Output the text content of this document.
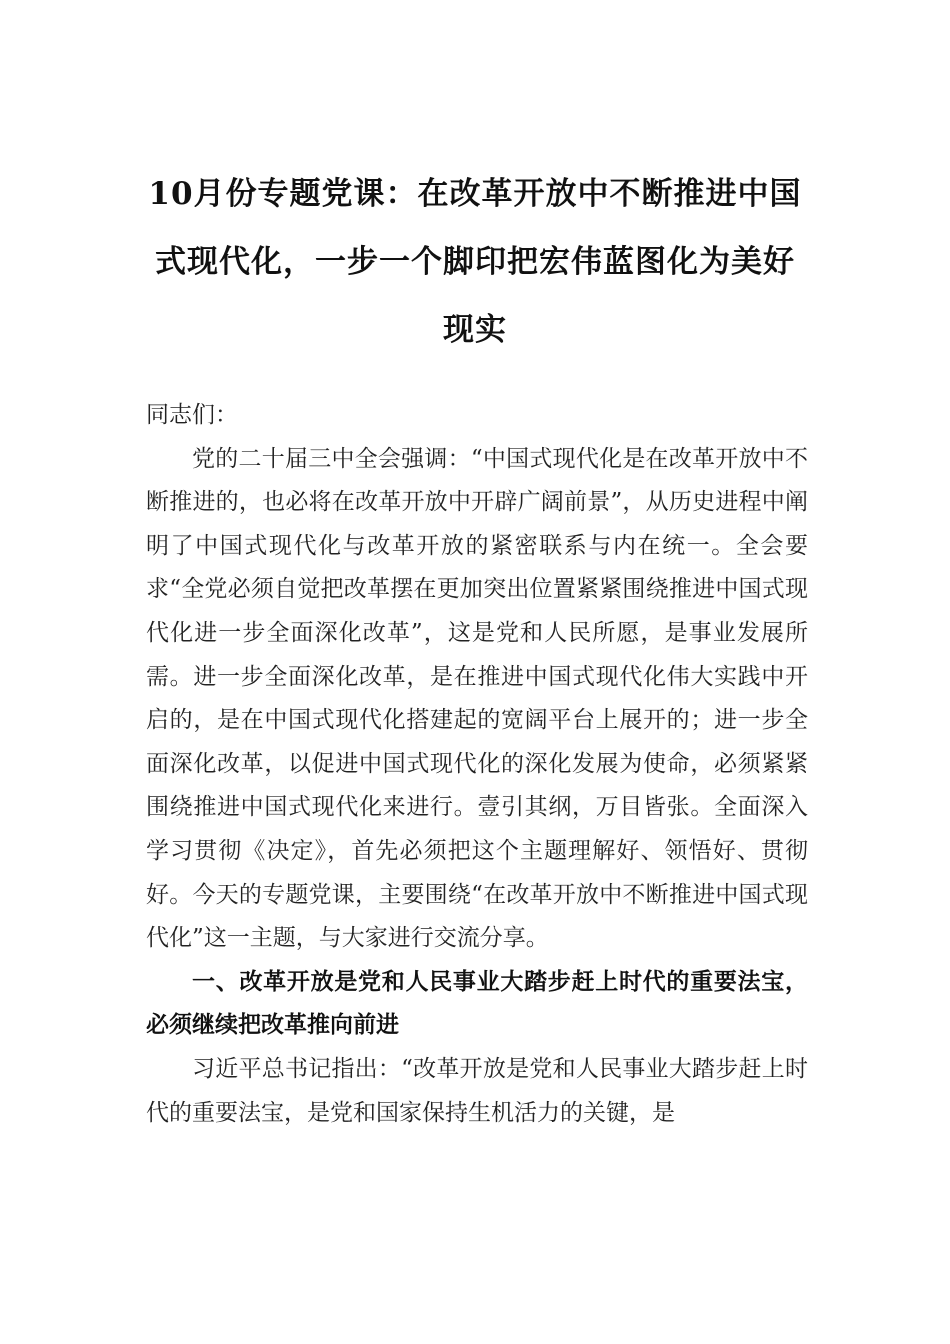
10月份专题党课：在改革开放中不断推进中国式现代化，一步一个脚印把宏伟蓝图化为美好现实

同志们：

党的二十届三中全会强调：“中国式现代化是在改革开放中不断推进的，也必将在改革开放中开辟广阔前景”，从历史进程中阐明了中国式现代化与改革开放的紧密联系与内在统一。全会要求“全党必须自觉把改革摆在更加突出位置紧紧围绕推进中国式现代化进一步全面深化改革”，这是党和人民所愿，是事业发展所需。进一步全面深化改革，是在推进中国式现代化伟大实践中开启的，是在中国式现代化搭建起的宽阔平台上展开的；进一步全面深化改革，以促进中国式现代化的深化发展为使命，必须紧紧围绕推进中国式现代化来进行。壹引其纲，万目皆张。全面深入学习贯彻《决定》，首先必须把这个主题理解好、领悟好、贯彻好。今天的专题党课，主要围绕“在改革开放中不断推进中国式现代化”这一主题，与大家进行交流分享。

一、改革开放是党和人民事业大踏步赶上时代的重要法宝，必须继续把改革推向前进

习近平总书记指出：“改革开放是党和人民事业大踏步赶上时代的重要法宝，是党和国家保持生机活力的关键，是
